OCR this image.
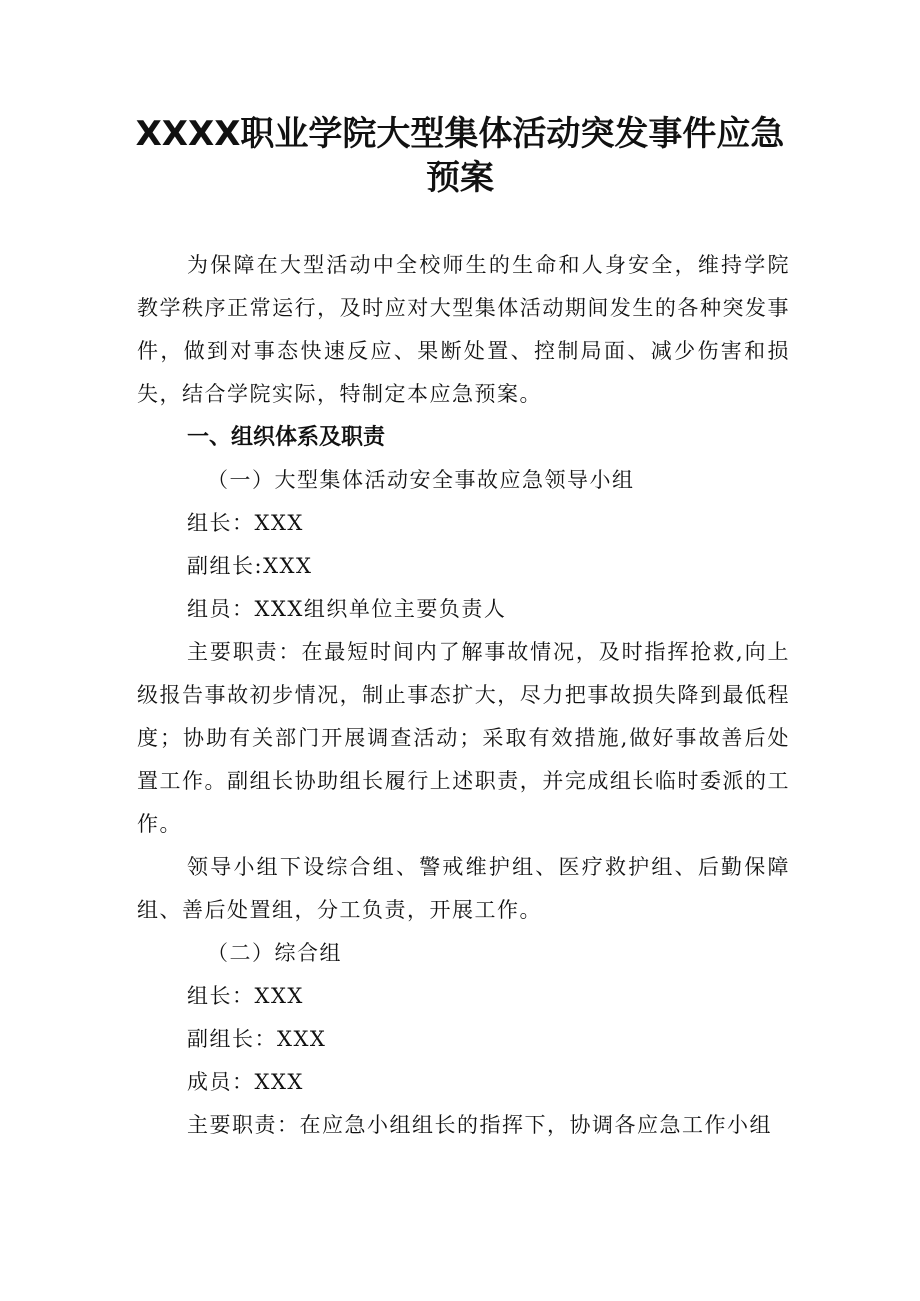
XXXX职业学院大型集体活动突发事件应急
预案

为保障在大型活动中全校师生的生命和人身安全，维持学院教学秩序正常运行，及时应对大型集体活动期间发生的各种突发事件，做到对事态快速反应、果断处置、控制局面、减少伤害和损失，结合学院实际，特制定本应急预案。

一、组织体系及职责

（一）大型集体活动安全事故应急领导小组

组长：XXX

副组长:XXX

组员：XXX组织单位主要负责人

主要职责：在最短时间内了解事故情况，及时指挥抢救,向上级报告事故初步情况，制止事态扩大，尽力把事故损失降到最低程度；协助有关部门开展调查活动；采取有效措施,做好事故善后处置工作。副组长协助组长履行上述职责，并完成组长临时委派的工作。

领导小组下设综合组、警戒维护组、医疗救护组、后勤保障组、善后处置组，分工负责，开展工作。

（二）综合组

组长：XXX

副组长：XXX

成员：XXX

主要职责：在应急小组组长的指挥下，协调各应急工作小组
